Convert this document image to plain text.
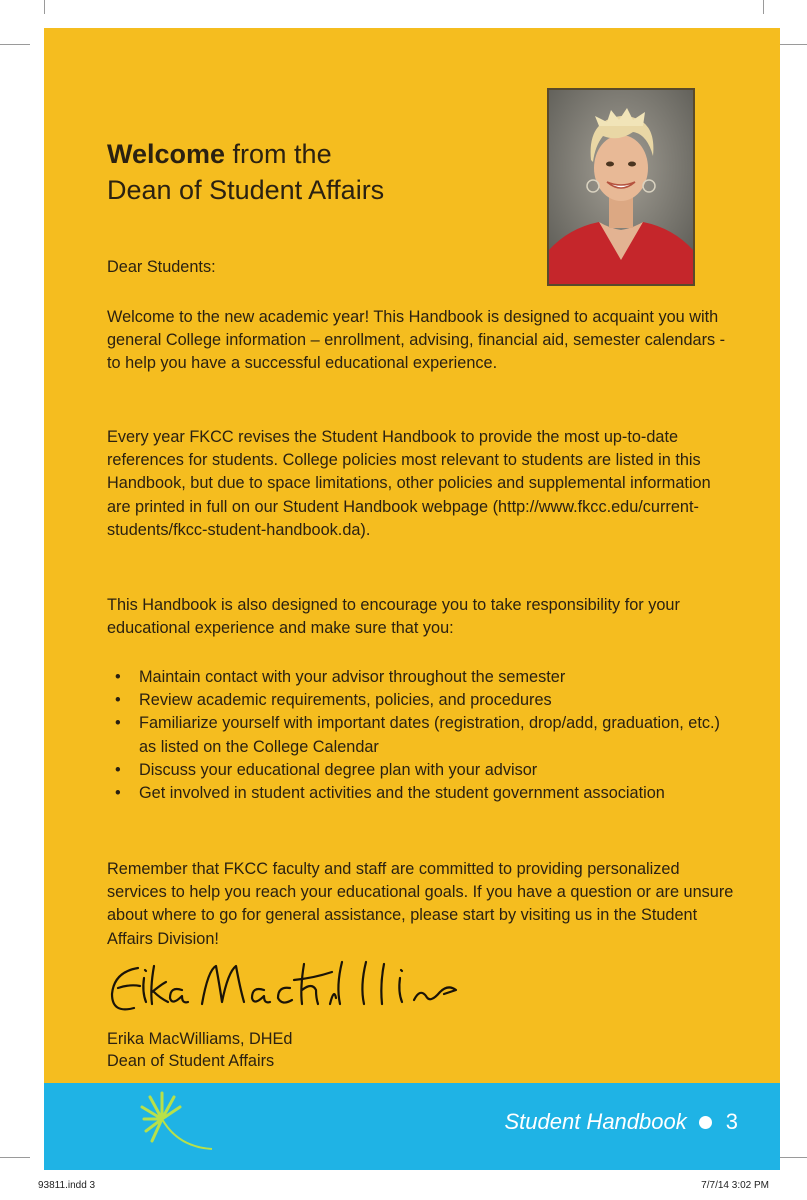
Welcome from the
Dean of Student Affairs

Dear Students:

Welcome to the new academic year! This Handbook is designed to acquaint you with general College information – enrollment, advising, financial aid, semester calendars - to help you have a successful educational experience.

Every year FKCC revises the Student Handbook to provide the most up-to-date references for students. College policies most relevant to students are listed in this Handbook, but due to space limitations, other policies and supplemental information are printed in full on our Student Handbook webpage (http://www.fkcc.edu/current-students/fkcc-student-handbook.da).

This Handbook is also designed to encourage you to take responsibility for your educational experience and make sure that you:

• Maintain contact with your advisor throughout the semester
• Review academic requirements, policies, and procedures
• Familiarize yourself with important dates (registration, drop/add, graduation, etc.) as listed on the College Calendar
• Discuss your educational degree plan with your advisor
• Get involved in student activities and the student government association

Remember that FKCC faculty and staff are committed to providing personalized services to help you reach your educational goals. If you have a question or are unsure about where to go for general assistance, please start by visiting us in the Student Affairs Division!

Erika MacWilliams, DHEd
Dean of Student Affairs
Student Handbook 3
93811.indd 3	7/7/14 3:02 PM
